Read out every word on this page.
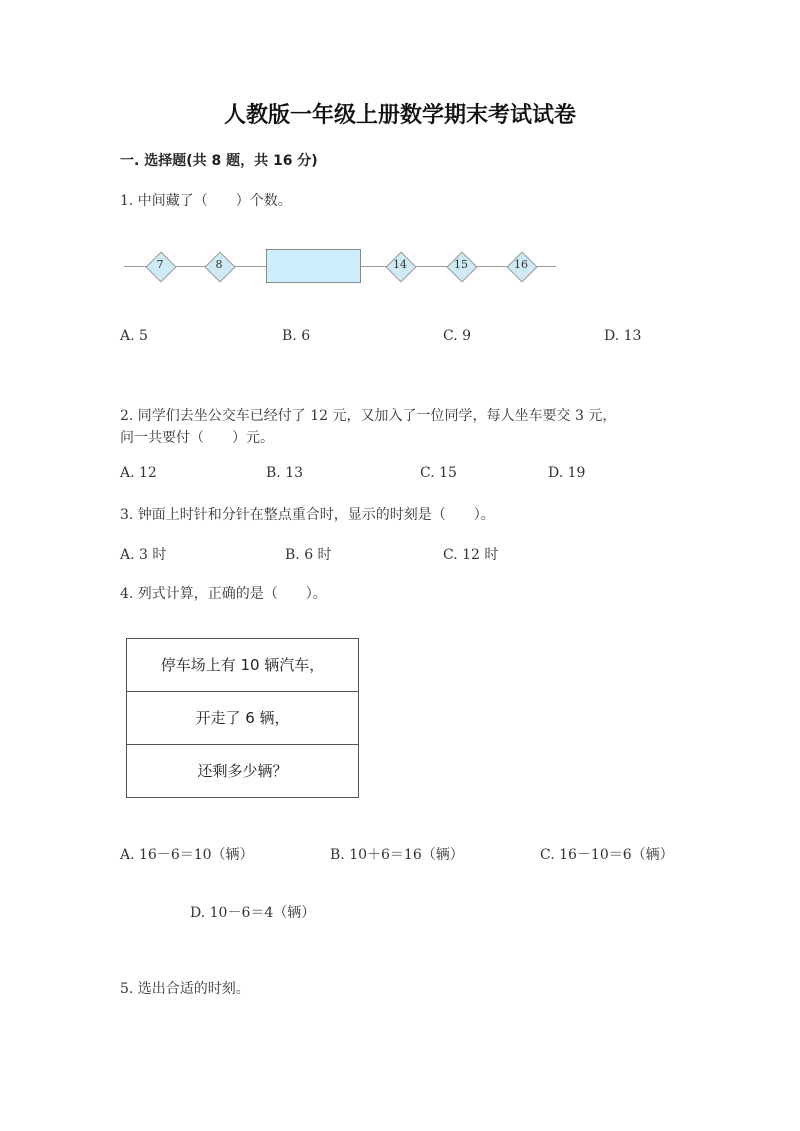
人教版一年级上册数学期末考试试卷
一. 选择题(共 8 题，共 16 分)
1. 中间藏了（　　）个数。
7	8	14	15	16
A. 5	B. 6	C. 9	D. 13
2. 同学们去坐公交车已经付了 12 元，又加入了一位同学，每人坐车要交 3 元，
问一共要付（　　）元。
A. 12	B. 13	C. 15	D. 19
3. 钟面上时针和分针在整点重合时，显示的时刻是（　　）。
A. 3 时	B. 6 时	C. 12 时
4. 列式计算，正确的是（　　）。
停车场上有 10 辆汽车，
开走了 6 辆，
还剩多少辆？
A. 16－6＝10（辆）	B. 10＋6＝16（辆）	C. 16－10＝6（辆）
D. 10－6＝4（辆）
5. 选出合适的时刻。
